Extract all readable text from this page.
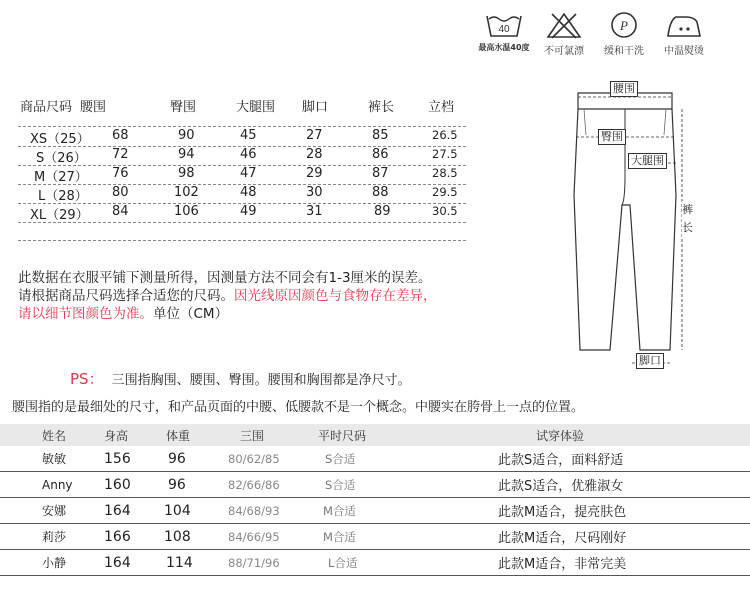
40
最高水温40度	不可氯漂
P
缓和干洗	中温熨烫
商品尺码 腰围	臀围	大腿围 脚口	裤长	立档
XS（25） 68	90	45	27	85	26.5
S（26） 72	94	46	28	86	27.5
M（27） 76	98	47	29	87	28.5
L（28） 80	102	48	30	88	29.5
XL（29） 84	106	49	31	89	30.5
此数据在衣服平铺下测量所得，因测量方法不同会有1-3厘米的误差。
请根据商品尺码选择合适您的尺码。因光线原因颜色与食物存在差异，
请以细节图颜色为准。单位（CM）
腰围
臀围
大腿围
裤长
脚口
PS： 三围指胸围、腰围、臀围。腰围和胸围都是净尺寸。
腰围指的是最细处的尺寸，和产品页面的中腰、低腰款不是一个概念。中腰实在胯骨上一点的位置。
姓名	身高	体重	三围	平时尺码	试穿体验
敏敏	156	96	80/62/85	S合适	此款S适合，面料舒适
Anny 160	96	82/66/86	S合适	此款S适合，优雅淑女
安娜	164 104	84/68/93	M合适	此款M适合，提亮肤色
莉莎	166 108	84/66/95	M合适	此款M适合，尺码刚好
小静	164	114	88/71/96	L合适	此款M适合，非常完美
